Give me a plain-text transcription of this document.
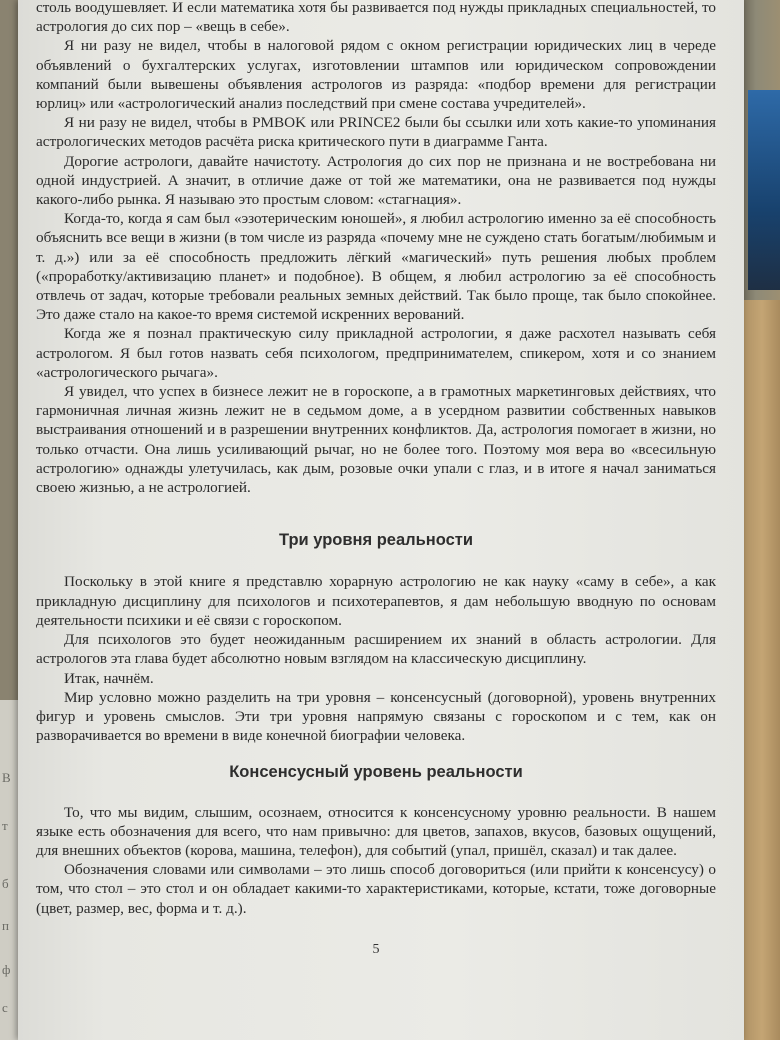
В
т
б
п
ф
с

столь воодушевляет. И если математика хотя бы развивается под нужды прикладных специальностей, то астрология до сих пор – «вещь в себе».

Я ни разу не видел, чтобы в налоговой рядом с окном регистрации юридических лиц в череде объявлений о бухгалтерских услугах, изготовлении штампов или юридическом сопровождении компаний были вывешены объявления астрологов из разряда: «подбор времени для регистрации юрлиц» или «астрологический анализ последствий при смене состава учредителей».

Я ни разу не видел, чтобы в PMBOK или PRINCE2 были бы ссылки или хоть какие-то упоминания астрологических методов расчёта риска критического пути в диаграмме Ганта.

Дорогие астрологи, давайте начистоту. Астрология до сих пор не признана и не востребована ни одной индустрией. А значит, в отличие даже от той же математики, она не развивается под нужды какого-либо рынка. Я называю это простым словом: «стагнация».

Когда-то, когда я сам был «эзотерическим юношей», я любил астрологию именно за её способность объяснить все вещи в жизни (в том числе из разряда «почему мне не суждено стать богатым/любимым и т. д.») или за её способность предложить лёгкий «магический» путь решения любых проблем («проработку/активизацию планет» и подобное). В общем, я любил астрологию за её способность отвлечь от задач, которые требовали реальных земных действий. Так было проще, так было спокойнее. Это даже стало на какое-то время системой искренних верований.

Когда же я познал практическую силу прикладной астрологии, я даже расхотел называть себя астрологом. Я был готов назвать себя психологом, предпринимателем, спикером, хотя и со знанием «астрологического рычага».

Я увидел, что успех в бизнесе лежит не в гороскопе, а в грамотных маркетинговых действиях, что гармоничная личная жизнь лежит не в седьмом доме, а в усердном развитии собственных навыков выстраивания отношений и в разрешении внутренних конфликтов. Да, астрология помогает в жизни, но только отчасти. Она лишь усиливающий рычаг, но не более того. Поэтому моя вера во «всесильную астрологию» однажды улетучилась, как дым, розовые очки упали с глаз, и в итоге я начал заниматься своею жизнью, а не астрологией.

Три уровня реальности

Поскольку в этой книге я представлю хорарную астрологию не как науку «саму в себе», а как прикладную дисциплину для психологов и психотерапевтов, я дам небольшую вводную по основам деятельности психики и её связи с гороскопом.

Для психологов это будет неожиданным расширением их знаний в область астрологии. Для астрологов эта глава будет абсолютно новым взглядом на классическую дисциплину.

Итак, начнём.

Мир условно можно разделить на три уровня – консенсусный (договорной), уровень внутренних фигур и уровень смыслов. Эти три уровня напрямую связаны с гороскопом и с тем, как он разворачивается во времени в виде конечной биографии человека.

Консенсусный уровень реальности

То, что мы видим, слышим, осознаем, относится к консенсусному уровню реальности. В нашем языке есть обозначения для всего, что нам привычно: для цветов, запахов, вкусов, базовых ощущений, для внешних объектов (корова, машина, телефон), для событий (упал, пришёл, сказал) и так далее.

Обозначения словами или символами – это лишь способ договориться (или прийти к консенсусу) о том, что стол – это стол и он обладает какими-то характеристиками, которые, кстати, тоже договорные (цвет, размер, вес, форма и т. д.).

5
